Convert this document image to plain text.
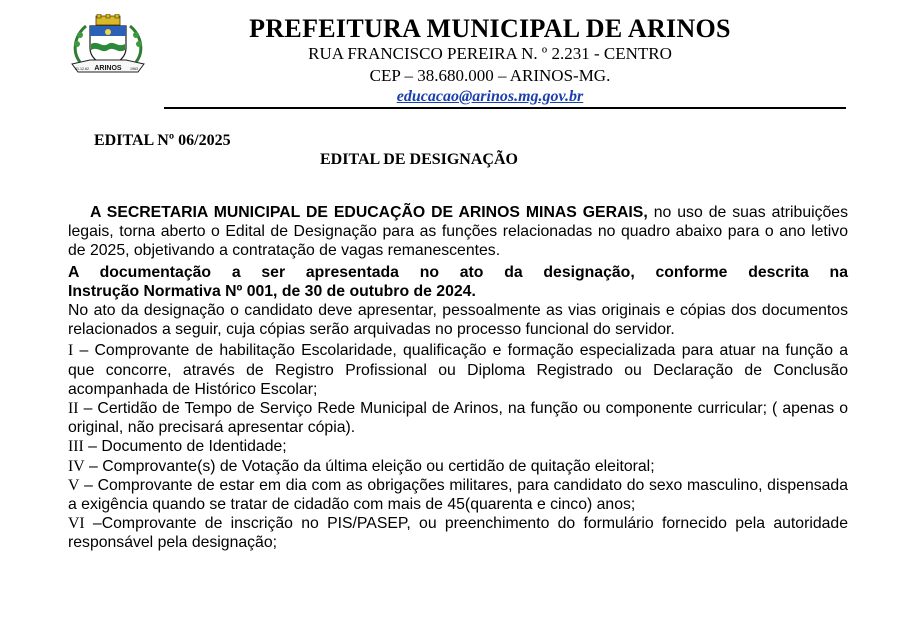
ARINOS
31.12.62	1963
PREFEITURA MUNICIPAL DE ARINOS
RUA FRANCISCO PEREIRA N. º 2.231 - CENTRO
CEP – 38.680.000 – ARINOS-MG.
educacao@arinos.mg.gov.br
EDITAL Nº 06/2025
EDITAL DE DESIGNAÇÃO

A SECRETARIA MUNICIPAL DE EDUCAÇÃO DE ARINOS MINAS GERAIS, no uso de suas atribuições legais, torna aberto o Edital de Designação para as funções relacionadas no quadro abaixo para o ano letivo de 2025, objetivando a contratação de vagas remanescentes.

A documentação a ser apresentada no ato da designação, conforme descrita na

Instrução Normativa Nº 001, de 30 de outubro de 2024.

No ato da designação o candidato deve apresentar, pessoalmente as vias originais e cópias dos documentos relacionados a seguir, cuja cópias serão arquivadas no processo funcional do servidor.

I – Comprovante de habilitação Escolaridade, qualificação e formação especializada para atuar na função a que concorre, através de Registro Profissional ou Diploma Registrado ou Declaração de Conclusão acompanhada de Histórico Escolar;

II – Certidão de Tempo de Serviço Rede Municipal de Arinos, na função ou componente curricular; ( apenas o original, não precisará apresentar cópia).

III – Documento de Identidade;

IV – Comprovante(s) de Votação da última eleição ou certidão de quitação eleitoral;

V – Comprovante de estar em dia com as obrigações militares, para candidato do sexo masculino, dispensada a exigência quando se tratar de cidadão com mais de 45(quarenta e cinco) anos;

VI –Comprovante de inscrição no PIS/PASEP, ou preenchimento do formulário fornecido pela autoridade responsável pela designação;
